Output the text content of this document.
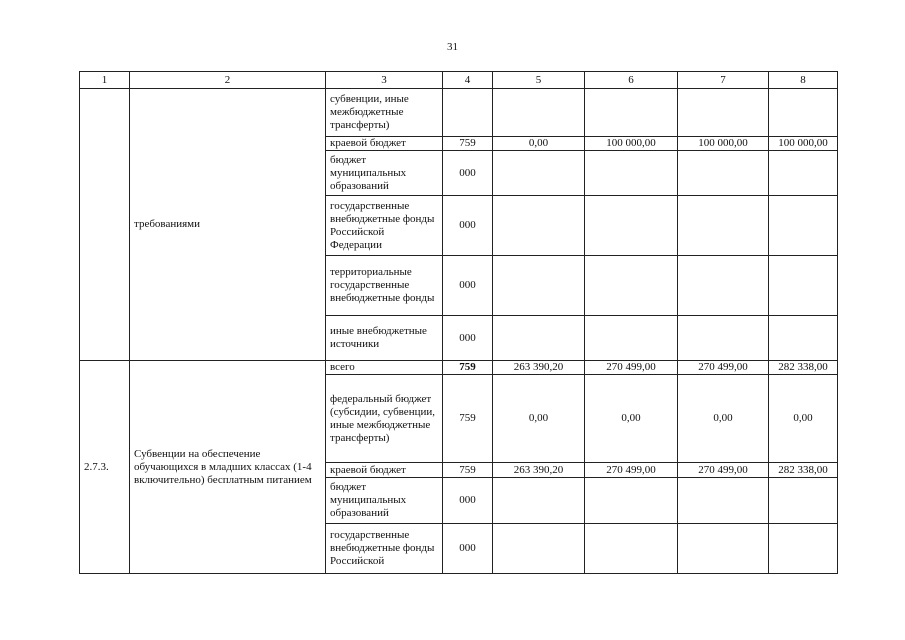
31
1	2	3	4	5	6	7	8
	требованиями	субвенции, иные межбюджетные трансферты)					
		краевой бюджет	759	0,00	100 000,00	100 000,00	100 000,00
		бюджет муниципальных образований	000				
		государственные внебюджетные фонды Российской Федерации	000				
		территориальные государственные внебюджетные фонды	000				
		иные внебюджетные источники	000				
2.7.3.	Субвенции на обеспечение обучающихся в младших классах (1-4 включительно) бесплатным питанием	всего	759	263 390,20	270 499,00	270 499,00	282 338,00
		федеральный бюджет (субсидии, субвенции, иные межбюджетные трансферты)	759	0,00	0,00	0,00	0,00
		краевой бюджет	759	263 390,20	270 499,00	270 499,00	282 338,00
		бюджет муниципальных образований	000				
		государственные внебюджетные фонды Российской	000				
